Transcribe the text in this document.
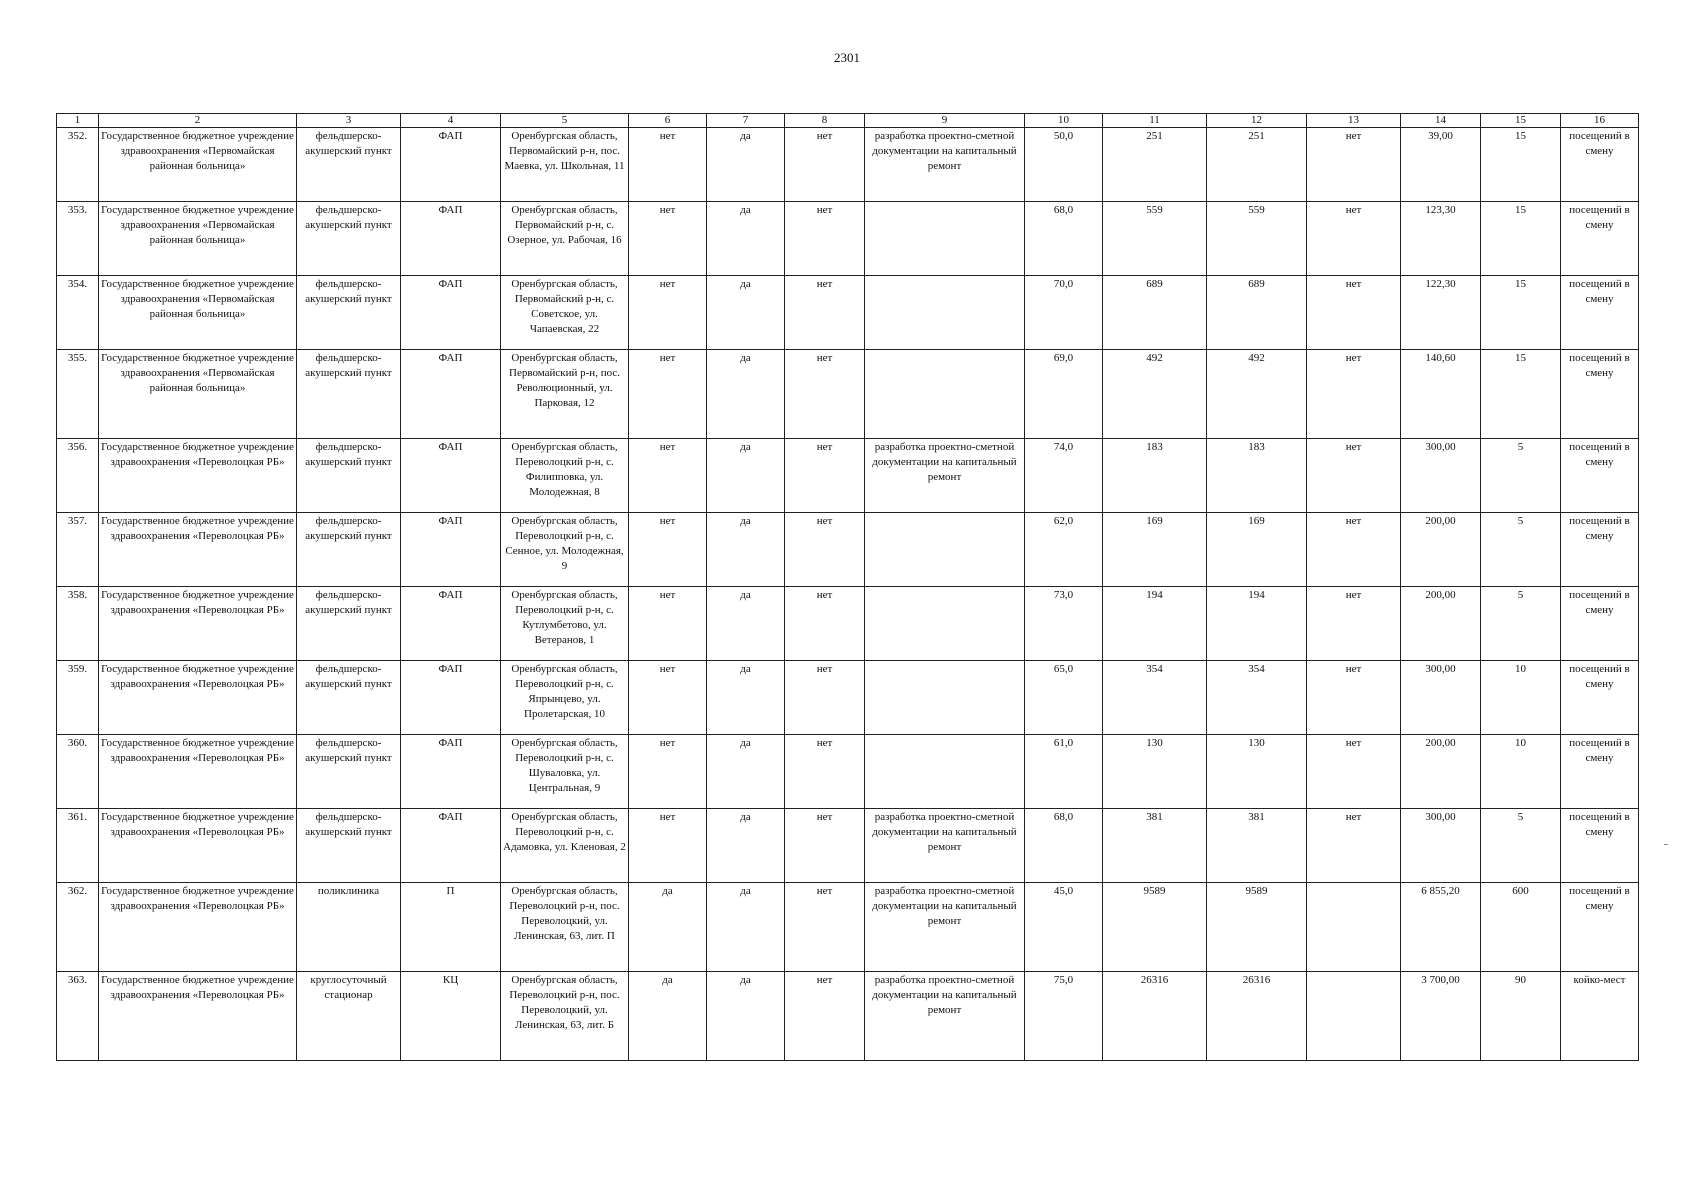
2301
1	2	3	4	5	6	7	8	9	10	11	12	13	14	15	16
352.	Государственное бюджетное учреждение здравоохранения «Первомайская районная больница»	фельдшерско-акушерский пункт	ФАП	Оренбургская область, Первомайский р-н, пос. Маевка, ул. Школьная, 11	нет	да	нет	разработка проектно-сметной документации на капитальный ремонт	50,0	251	251	нет	39,00	15	посещений в смену
353.	Государственное бюджетное учреждение здравоохранения «Первомайская районная больница»	фельдшерско-акушерский пункт	ФАП	Оренбургская область, Первомайский р-н, с. Озерное, ул. Рабочая, 16	нет	да	нет		68,0	559	559	нет	123,30	15	посещений в смену
354.	Государственное бюджетное учреждение здравоохранения «Первомайская районная больница»	фельдшерско-акушерский пункт	ФАП	Оренбургская область, Первомайский р-н, с. Советское, ул. Чапаевская, 22	нет	да	нет		70,0	689	689	нет	122,30	15	посещений в смену
355.	Государственное бюджетное учреждение здравоохранения «Первомайская районная больница»	фельдшерско-акушерский пункт	ФАП	Оренбургская область, Первомайский р-н, пос. Революционный, ул. Парковая, 12	нет	да	нет		69,0	492	492	нет	140,60	15	посещений в смену
356.	Государственное бюджетное учреждение здравоохранения «Переволоцкая РБ»	фельдшерско-акушерский пункт	ФАП	Оренбургская область, Переволоцкий р-н, с. Филипповка, ул. Молодежная, 8	нет	да	нет	разработка проектно-сметной документации на капитальный ремонт	74,0	183	183	нет	300,00	5	посещений в смену
357.	Государственное бюджетное учреждение здравоохранения «Переволоцкая РБ»	фельдшерско-акушерский пункт	ФАП	Оренбургская область, Переволоцкий р-н, с. Сенное, ул. Молодежная, 9	нет	да	нет		62,0	169	169	нет	200,00	5	посещений в смену
358.	Государственное бюджетное учреждение здравоохранения «Переволоцкая РБ»	фельдшерско-акушерский пункт	ФАП	Оренбургская область, Переволоцкий р-н, с. Кутлумбетово, ул. Ветеранов, 1	нет	да	нет		73,0	194	194	нет	200,00	5	посещений в смену
359.	Государственное бюджетное учреждение здравоохранения «Переволоцкая РБ»	фельдшерско-акушерский пункт	ФАП	Оренбургская область, Переволоцкий р-н, с. Япрынцево, ул. Пролетарская, 10	нет	да	нет		65,0	354	354	нет	300,00	10	посещений в смену
360.	Государственное бюджетное учреждение здравоохранения «Переволоцкая РБ»	фельдшерско-акушерский пункт	ФАП	Оренбургская область, Переволоцкий р-н, с. Шуваловка, ул. Центральная, 9	нет	да	нет		61,0	130	130	нет	200,00	10	посещений в смену
361.	Государственное бюджетное учреждение здравоохранения «Переволоцкая РБ»	фельдшерско-акушерский пункт	ФАП	Оренбургская область, Переволоцкий р-н, с. Адамовка, ул. Кленовая, 2	нет	да	нет	разработка проектно-сметной документации на капитальный ремонт	68,0	381	381	нет	300,00	5	посещений в смену
362.	Государственное бюджетное учреждение здравоохранения «Переволоцкая РБ»	поликлиника	П	Оренбургская область, Переволоцкий р-н, пос. Переволоцкий, ул. Ленинская, 63, лит. П	да	да	нет	разработка проектно-сметной документации на капитальный ремонт	45,0	9589	9589		6 855,20	600	посещений в смену
363.	Государственное бюджетное учреждение здравоохранения «Переволоцкая РБ»	круглосуточный стационар	КЦ	Оренбургская область, Переволоцкий р-н, пос. Переволоцкий, ул. Ленинская, 63, лит. Б	да	да	нет	разработка проектно-сметной документации на капитальный ремонт	75,0	26316	26316		3 700,00	90	койко-мест
